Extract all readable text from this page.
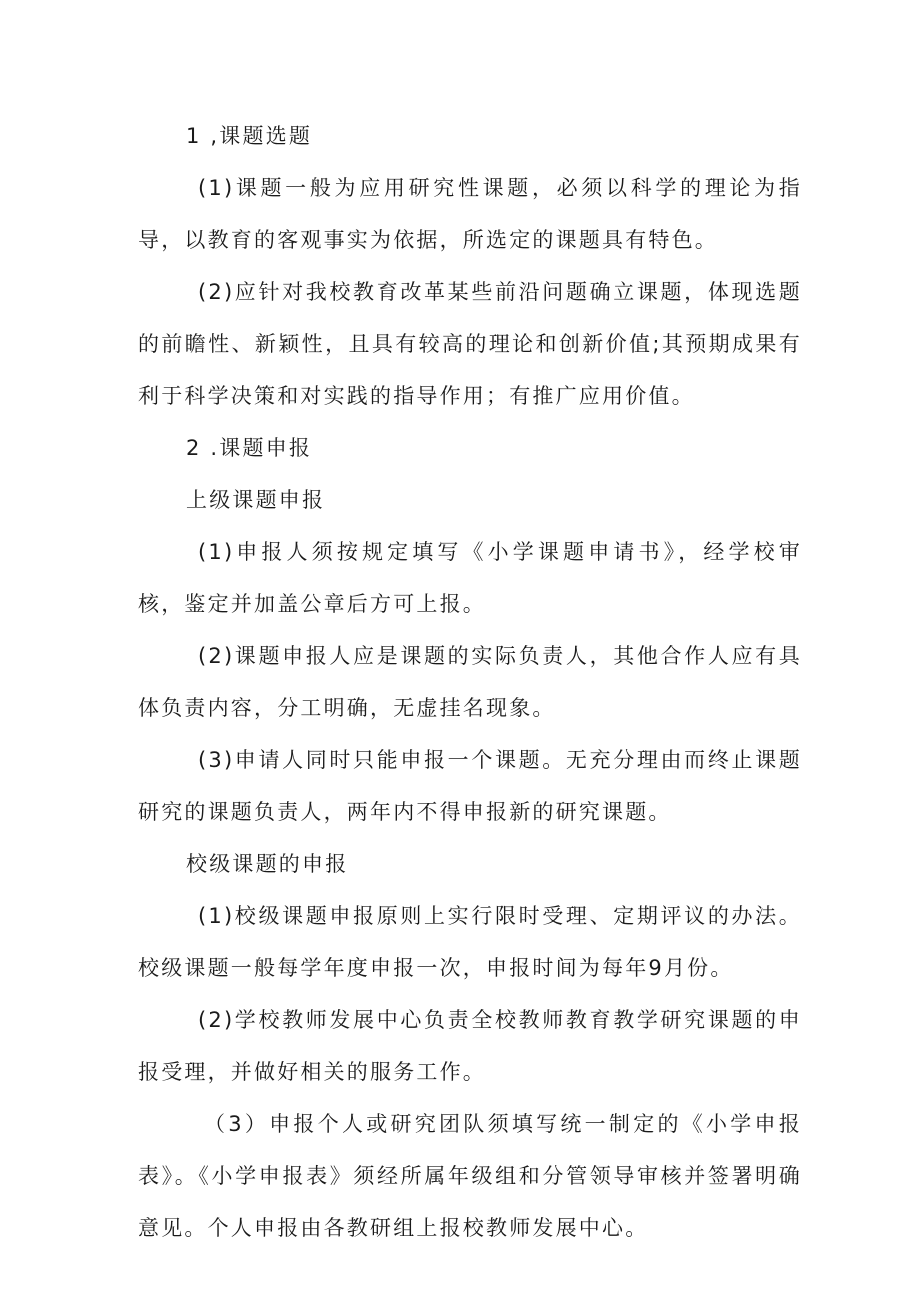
1 ,课题选题

(1)课题一般为应用研究性课题，必须以科学的理论为指导，以教育的客观事实为依据，所选定的课题具有特色。

(2)应针对我校教育改革某些前沿问题确立课题，体现选题的前瞻性、新颖性，且具有较高的理论和创新价值;其预期成果有利于科学决策和对实践的指导作用；有推广应用价值。

2 .课题申报

上级课题申报

(1)申报人须按规定填写《小学课题申请书》，经学校审核，鉴定并加盖公章后方可上报。

(2)课题申报人应是课题的实际负责人，其他合作人应有具体负责内容，分工明确，无虚挂名现象。

(3)申请人同时只能申报一个课题。无充分理由而终止课题研究的课题负责人，两年内不得申报新的研究课题。

校级课题的申报

(1)校级课题申报原则上实行限时受理、定期评议的办法。校级课题一般每学年度申报一次，申报时间为每年9月份。

(2)学校教师发展中心负责全校教师教育教学研究课题的申报受理，并做好相关的服务工作。

（3）申报个人或研究团队须填写统一制定的《小学申报表》。《小学申报表》须经所属年级组和分管领导审核并签署明确意见。个人申报由各教研组上报校教师发展中心。
